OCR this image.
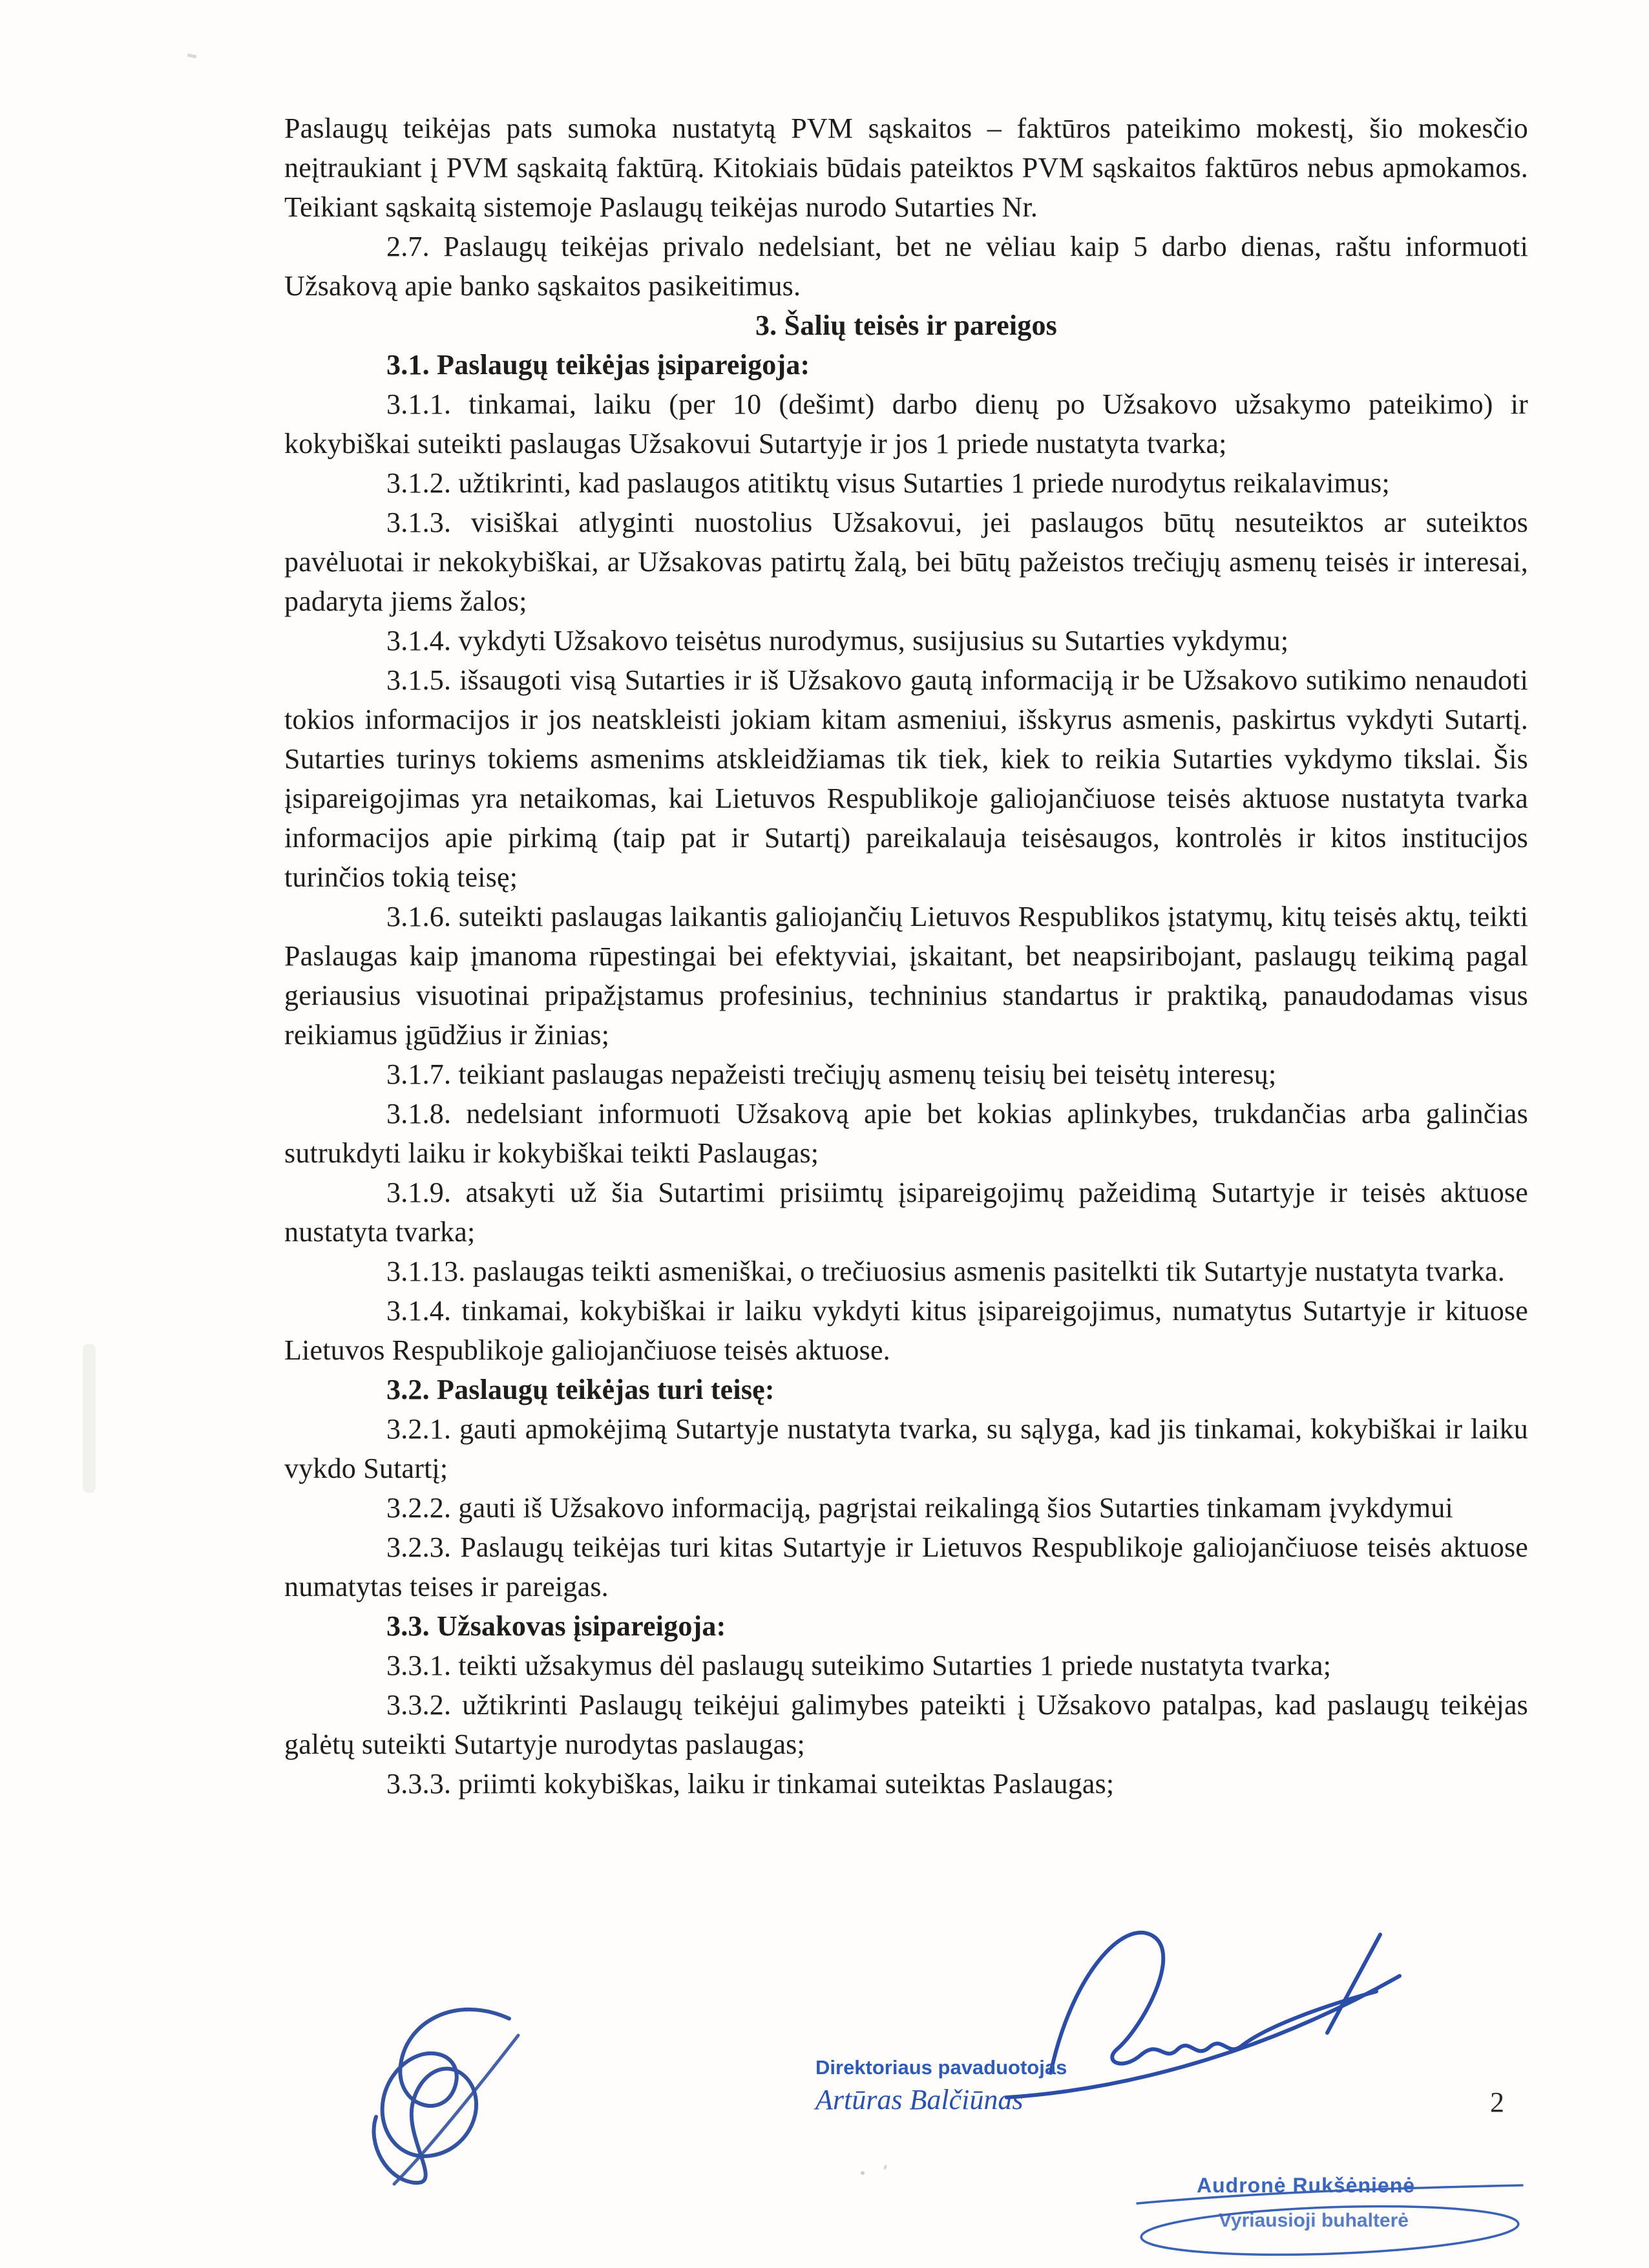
Paslaugų teikėjas pats sumoka nustatytą PVM sąskaitos – faktūros pateikimo mokestį, šio mokesčio neįtraukiant į PVM sąskaitą faktūrą. Kitokiais būdais pateiktos PVM sąskaitos faktūros nebus apmokamos. Teikiant sąskaitą sistemoje Paslaugų teikėjas nurodo Sutarties Nr.

2.7. Paslaugų teikėjas privalo nedelsiant, bet ne vėliau kaip 5 darbo dienas, raštu informuoti Užsakovą apie banko sąskaitos pasikeitimus.

3. Šalių teisės ir pareigos

3.1. Paslaugų teikėjas įsipareigoja:

3.1.1. tinkamai, laiku (per 10 (dešimt) darbo dienų po Užsakovo užsakymo pateikimo) ir kokybiškai suteikti paslaugas Užsakovui Sutartyje ir jos 1 priede nustatyta tvarka;

3.1.2. užtikrinti, kad paslaugos atitiktų visus Sutarties 1 priede nurodytus reikalavimus;

3.1.3. visiškai atlyginti nuostolius Užsakovui, jei paslaugos būtų nesuteiktos ar suteiktos pavėluotai ir nekokybiškai, ar Užsakovas patirtų žalą, bei būtų pažeistos trečiųjų asmenų teisės ir interesai, padaryta jiems žalos;

3.1.4. vykdyti Užsakovo teisėtus nurodymus, susijusius su Sutarties vykdymu;

3.1.5. išsaugoti visą Sutarties ir iš Užsakovo gautą informaciją ir be Užsakovo sutikimo nenaudoti tokios informacijos ir jos neatskleisti jokiam kitam asmeniui, išskyrus asmenis, paskirtus vykdyti Sutartį. Sutarties turinys tokiems asmenims atskleidžiamas tik tiek, kiek to reikia Sutarties vykdymo tikslai. Šis įsipareigojimas yra netaikomas, kai Lietuvos Respublikoje galiojančiuose teisės aktuose nustatyta tvarka informacijos apie pirkimą (taip pat ir Sutartį) pareikalauja teisėsaugos, kontrolės ir kitos institucijos turinčios tokią teisę;

3.1.6. suteikti paslaugas laikantis galiojančių Lietuvos Respublikos įstatymų, kitų teisės aktų, teikti Paslaugas kaip įmanoma rūpestingai bei efektyviai, įskaitant, bet neapsiribojant, paslaugų teikimą pagal geriausius visuotinai pripažįstamus profesinius, techninius standartus ir praktiką, panaudodamas visus reikiamus įgūdžius ir žinias;

3.1.7. teikiant paslaugas nepažeisti trečiųjų asmenų teisių bei teisėtų interesų;

3.1.8. nedelsiant informuoti Užsakovą apie bet kokias aplinkybes, trukdančias arba galinčias sutrukdyti laiku ir kokybiškai teikti Paslaugas;

3.1.9. atsakyti už šia Sutartimi prisiimtų įsipareigojimų pažeidimą Sutartyje ir teisės aktuose nustatyta tvarka;

3.1.13. paslaugas teikti asmeniškai, o trečiuosius asmenis pasitelkti tik Sutartyje nustatyta tvarka.

3.1.4. tinkamai, kokybiškai ir laiku vykdyti kitus įsipareigojimus, numatytus Sutartyje ir kituose Lietuvos Respublikoje galiojančiuose teisės aktuose.

3.2. Paslaugų teikėjas turi teisę:

3.2.1. gauti apmokėjimą Sutartyje nustatyta tvarka, su sąlyga, kad jis tinkamai, kokybiškai ir laiku vykdo Sutartį;

3.2.2. gauti iš Užsakovo informaciją, pagrįstai reikalingą šios Sutarties tinkamam įvykdymui

3.2.3. Paslaugų teikėjas turi kitas Sutartyje ir Lietuvos Respublikoje galiojančiuose teisės aktuose numatytas teises ir pareigas.

3.3. Užsakovas įsipareigoja:

3.3.1. teikti užsakymus dėl paslaugų suteikimo Sutarties 1 priede nustatyta tvarka;

3.3.2. užtikrinti Paslaugų teikėjui galimybes pateikti į Užsakovo patalpas, kad paslaugų teikėjas galėtų suteikti Sutartyje nurodytas paslaugas;

3.3.3. priimti kokybiškas, laiku ir tinkamai suteiktas Paslaugas;

Direktoriaus pavaduotojas
Artūras Balčiūnas	2
Audronė Rukšėnienė
Vyriausioji buhalterė
